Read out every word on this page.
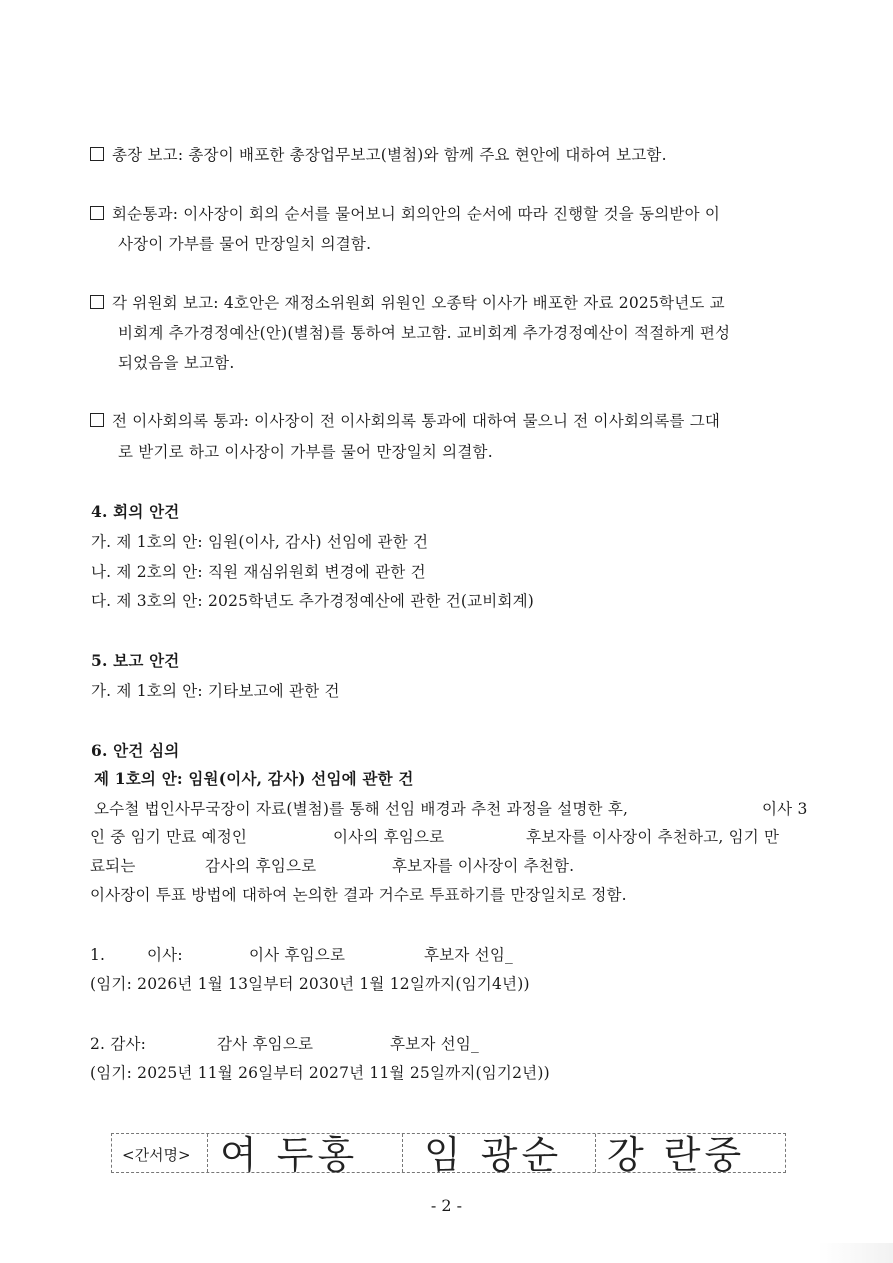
총장 보고: 총장이 배포한 총장업무보고(별첨)와 함께 주요 현안에 대하여 보고함.
회순통과: 이사장이 회의 순서를 물어보니 회의안의 순서에 따라 진행할 것을 동의받아 이
사장이 가부를 물어 만장일치 의결함.
각 위원회 보고: 4호안은 재정소위원회 위원인 오종탁 이사가 배포한 자료 2025학년도 교
비회계 추가경정예산(안)(별첨)를 통하여 보고함. 교비회계 추가경정예산이 적절하게 편성
되었음을 보고함.
전 이사회의록 통과: 이사장이 전 이사회의록 통과에 대하여 물으니 전 이사회의록를 그대
로 받기로 하고 이사장이 가부를 물어 만장일치 의결함.
4. 회의 안건
가. 제 1호의 안: 임원(이사, 감사) 선임에 관한 건
나. 제 2호의 안: 직원 재심위원회 변경에 관한 건
다. 제 3호의 안: 2025학년도 추가경정예산에 관한 건(교비회계)
5. 보고 안건
가. 제 1호의 안: 기타보고에 관한 건
6. 안건 심의
제 1호의 안: 임원(이사, 감사) 선임에 관한 건
오수철 법인사무국장이 자료(별첨)를 통해 선임 배경과 추천 과정을 설명한 후,	이사 3
인 중 임기 만료 예정인	이사의 후임으로	후보자를 이사장이 추천하고, 임기 만
료되는	감사의 후임으로	후보자를 이사장이 추천함.
이사장이 투표 방법에 대하여 논의한 결과 거수로 투표하기를 만장일치로 정함.
1.	이사:	이사 후임으로	후보자 선임_
(임기: 2026년 1월 13일부터 2030년 1월 12일까지(임기4년))
2. 감사:	감사 후임으로	후보자 선임_
(임기: 2025년 11월 26일부터 2027년 11월 25일까지(임기2년))
<간서명> 여 두홍 임 광순 강 란중
- 2 -
